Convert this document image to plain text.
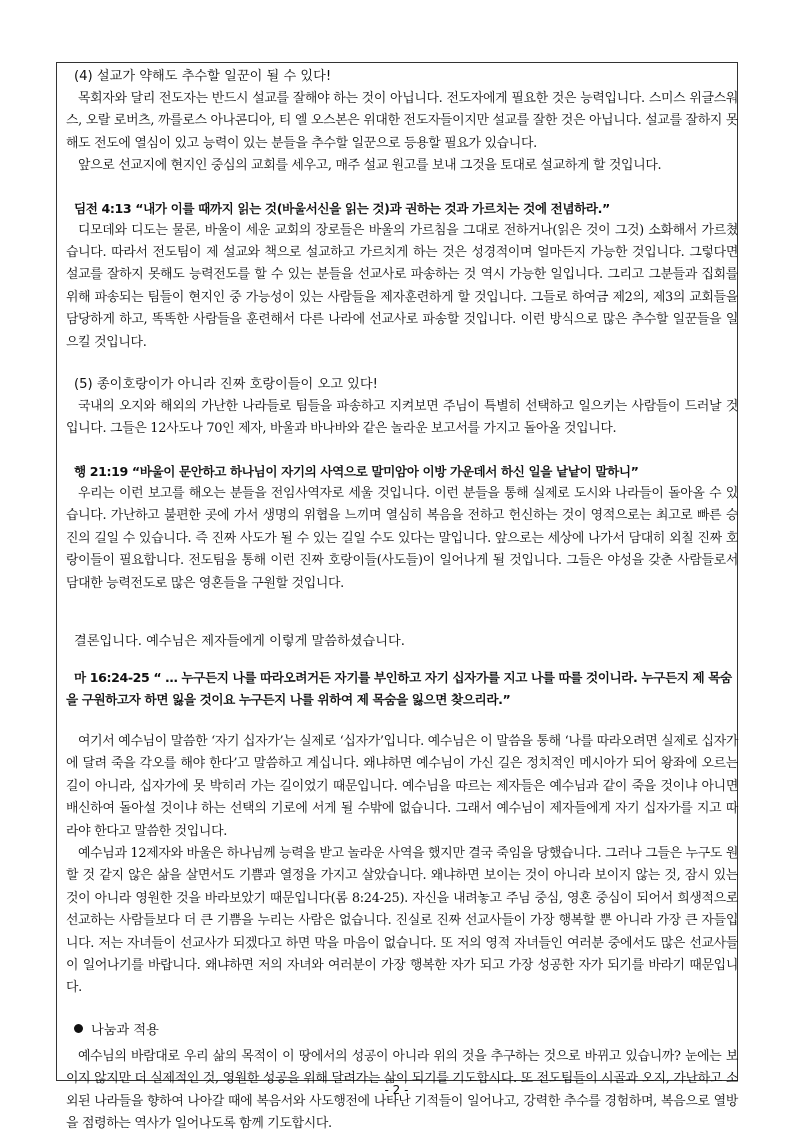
(4) 설교가 약해도 추수할 일꾼이 될 수 있다!

목회자와 달리 전도자는 반드시 설교를 잘해야 하는 것이 아닙니다. 전도자에게 필요한 것은 능력입니다. 스미스 위글스워스, 오랄 로버츠, 까를로스 아나콘디아, 티 엘 오스본은 위대한 전도자들이지만 설교를 잘한 것은 아닙니다. 설교를 잘하지 못해도 전도에 열심이 있고 능력이 있는 분들을 추수할 일꾼으로 등용할 필요가 있습니다.

앞으로 선교지에 현지인 중심의 교회를 세우고, 매주 설교 원고를 보내 그것을 토대로 설교하게 할 것입니다.

딤전 4:13 “내가 이를 때까지 읽는 것(바울서신을 읽는 것)과 권하는 것과 가르치는 것에 전념하라.”

디모데와 디도는 물론, 바울이 세운 교회의 장로들은 바울의 가르침을 그대로 전하거나(읽은 것이 그것) 소화해서 가르쳤습니다. 따라서 전도팀이 제 설교와 책으로 설교하고 가르치게 하는 것은 성경적이며 얼마든지 가능한 것입니다. 그렇다면 설교를 잘하지 못해도 능력전도를 할 수 있는 분들을 선교사로 파송하는 것 역시 가능한 일입니다. 그리고 그분들과 집회를 위해 파송되는 팀들이 현지인 중 가능성이 있는 사람들을 제자훈련하게 할 것입니다. 그들로 하여금 제2의, 제3의 교회들을 담당하게 하고, 똑똑한 사람들을 훈련해서 다른 나라에 선교사로 파송할 것입니다. 이런 방식으로 많은 추수할 일꾼들을 일으킬 것입니다.

(5) 종이호랑이가 아니라 진짜 호랑이들이 오고 있다!

국내의 오지와 해외의 가난한 나라들로 팀들을 파송하고 지켜보면 주님이 특별히 선택하고 일으키는 사람들이 드러날 것입니다. 그들은 12사도나 70인 제자, 바울과 바나바와 같은 놀라운 보고서를 가지고 돌아올 것입니다.

행 21:19 “바울이 문안하고 하나님이 자기의 사역으로 말미암아 이방 가운데서 하신 일을 낱낱이 말하니”

우리는 이런 보고를 해오는 분들을 전임사역자로 세울 것입니다. 이런 분들을 통해 실제로 도시와 나라들이 돌아올 수 있습니다. 가난하고 불편한 곳에 가서 생명의 위협을 느끼며 열심히 복음을 전하고 헌신하는 것이 영적으로는 최고로 빠른 승진의 길일 수 있습니다. 즉 진짜 사도가 될 수 있는 길일 수도 있다는 말입니다. 앞으로는 세상에 나가서 담대히 외칠 진짜 호랑이들이 필요합니다. 전도팀을 통해 이런 진짜 호랑이들(사도들)이 일어나게 될 것입니다. 그들은 야성을 갖춘 사람들로서 담대한 능력전도로 많은 영혼들을 구원할 것입니다.

결론입니다. 예수님은 제자들에게 이렇게 말씀하셨습니다.

마 16:24-25 “ … 누구든지 나를 따라오려거든 자기를 부인하고 자기 십자가를 지고 나를 따를 것이니라. 누구든지 제 목숨을 구원하고자 하면 잃을 것이요 누구든지 나를 위하여 제 목숨을 잃으면 찾으리라.”

여기서 예수님이 말씀한 ‘자기 십자가’는 실제로 ‘십자가’입니다. 예수님은 이 말씀을 통해 ‘나를 따라오려면 실제로 십자가에 달려 죽을 각오를 해야 한다’고 말씀하고 계십니다. 왜냐하면 예수님이 가신 길은 정치적인 메시아가 되어 왕좌에 오르는 길이 아니라, 십자가에 못 박히러 가는 길이었기 때문입니다. 예수님을 따르는 제자들은 예수님과 같이 죽을 것이냐 아니면 배신하여 돌아설 것이냐 하는 선택의 기로에 서게 될 수밖에 없습니다. 그래서 예수님이 제자들에게 자기 십자가를 지고 따라야 한다고 말씀한 것입니다.

예수님과 12제자와 바울은 하나님께 능력을 받고 놀라운 사역을 했지만 결국 죽임을 당했습니다. 그러나 그들은 누구도 원할 것 같지 않은 삶을 살면서도 기쁨과 열정을 가지고 살았습니다. 왜냐하면 보이는 것이 아니라 보이지 않는 것, 잠시 있는 것이 아니라 영원한 것을 바라보았기 때문입니다(롬 8:24-25). 자신을 내려놓고 주님 중심, 영혼 중심이 되어서 희생적으로 선교하는 사람들보다 더 큰 기쁨을 누리는 사람은 없습니다. 진실로 진짜 선교사들이 가장 행복할 뿐 아니라 가장 큰 자들입니다. 저는 자녀들이 선교사가 되겠다고 하면 막을 마음이 없습니다. 또 저의 영적 자녀들인 여러분 중에서도 많은 선교사들이 일어나기를 바랍니다. 왜냐하면 저의 자녀와 여러분이 가장 행복한 자가 되고 가장 성공한 자가 되기를 바라기 때문입니다.

나눔과 적용

예수님의 바람대로 우리 삶의 목적이 이 땅에서의 성공이 아니라 위의 것을 추구하는 것으로 바뀌고 있습니까? 눈에는 보이지 않지만 더 실제적인 것, 영원한 성공을 위해 달려가는 삶이 되기를 기도합시다. 또 전도팀들이 시골과 오지, 가난하고 소외된 나라들을 향하여 나아갈 때에 복음서와 사도행전에 나타난 기적들이 일어나고, 강력한 추수를 경험하며, 복음으로 열방을 점령하는 역사가 일어나도록 함께 기도합시다.

- 2 -
